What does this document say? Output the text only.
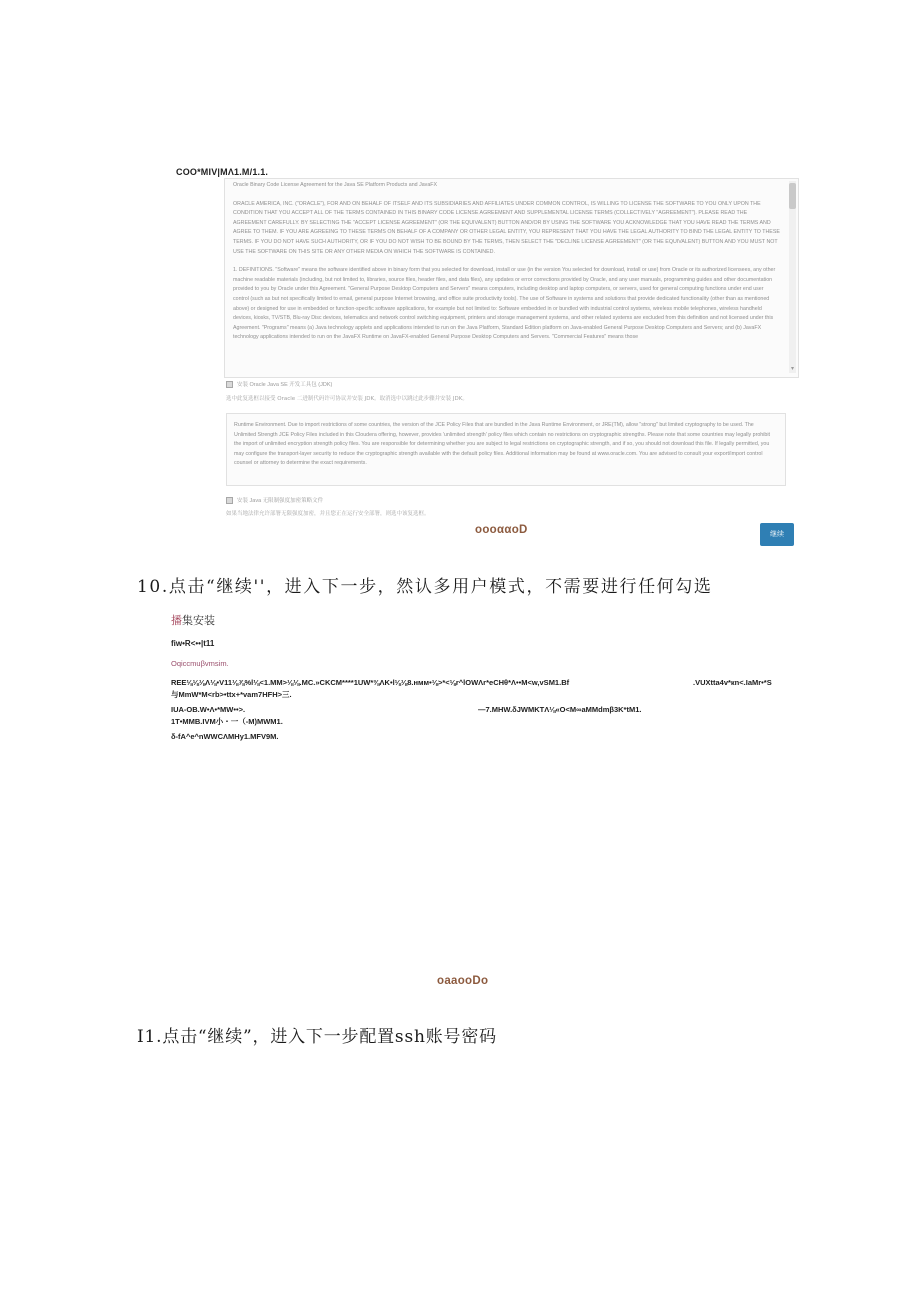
COO*MIV|MΛ1.M/1.1.

Oracle Binary Code License Agreement for the Java SE Platform Products and JavaFX

ORACLE AMERICA, INC. ("ORACLE"), FOR AND ON BEHALF OF ITSELF AND ITS SUBSIDIARIES AND AFFILIATES UNDER COMMON CONTROL, IS WILLING TO LICENSE THE SOFTWARE TO YOU ONLY UPON THE CONDITION THAT YOU ACCEPT ALL OF THE TERMS CONTAINED IN THIS BINARY CODE LICENSE AGREEMENT AND SUPPLEMENTAL LICENSE TERMS (COLLECTIVELY "AGREEMENT"). PLEASE READ THE AGREEMENT CAREFULLY. BY SELECTING THE "ACCEPT LICENSE AGREEMENT" (OR THE EQUIVALENT) BUTTON AND/OR BY USING THE SOFTWARE YOU ACKNOWLEDGE THAT YOU HAVE READ THE TERMS AND AGREE TO THEM. IF YOU ARE AGREEING TO THESE TERMS ON BEHALF OF A COMPANY OR OTHER LEGAL ENTITY, YOU REPRESENT THAT YOU HAVE THE LEGAL AUTHORITY TO BIND THE LEGAL ENTITY TO THESE TERMS. IF YOU DO NOT HAVE SUCH AUTHORITY, OR IF YOU DO NOT WISH TO BE BOUND BY THE TERMS, THEN SELECT THE "DECLINE LICENSE AGREEMENT" (OR THE EQUIVALENT) BUTTON AND YOU MUST NOT USE THE SOFTWARE ON THIS SITE OR ANY OTHER MEDIA ON WHICH THE SOFTWARE IS CONTAINED.

1. DEFINITIONS. "Software" means the software identified above in binary form that you selected for download, install or use (in the version You selected for download, install or use) from Oracle or its authorized licensees, any other machine readable materials (including, but not limited to, libraries, source files, header files, and data files), any updates or error corrections provided by Oracle, and any user manuals, programming guides and other documentation provided to you by Oracle under this Agreement. "General Purpose Desktop Computers and Servers" means computers, including desktop and laptop computers, or servers, used for general computing functions under end user control (such as but not specifically limited to email, general purpose Internet browsing, and office suite productivity tools). The use of Software in systems and solutions that provide dedicated functionality (other than as mentioned above) or designed for use in embedded or function-specific software applications, for example but not limited to: Software embedded in or bundled with industrial control systems, wireless mobile telephones, wireless handheld devices, kiosks, TV/STB, Blu-ray Disc devices, telematics and network control switching equipment, printers and storage management systems, and other related systems are excluded from this definition and not licensed under this Agreement. "Programs" means (a) Java technology applets and applications intended to run on the Java Platform, Standard Edition platform on Java-enabled General Purpose Desktop Computers and Servers; and (b) JavaFX technology applications intended to run on the JavaFX Runtime on JavaFX-enabled General Purpose Desktop Computers and Servers. "Commercial Features" means those

▾
安装 Oracle Java SE 开发工具包 (JDK)
选中此复选框以接受 Oracle 二进制代码许可协议并安装 JDK。取消选中以跳过此步骤并安装 JDK。

Runtime Environment. Due to import restrictions of some countries, the version of the JCE Policy Files that are bundled in the Java Runtime Environment, or JRE(TM), allow "strong" but limited cryptography to be used. The Unlimited Strength JCE Policy Files included in this Cloudera offering, however, provides 'unlimited strength' policy files which contain no restrictions on cryptographic strengths. Please note that some countries may legally prohibit the import of unlimited encryption strength policy files. You are responsible for determining whether you are subject to legal restrictions on cryptographic strength, and if so, you should not download this file. If legally permitted, you may configure the transport-layer security to reduce the cryptographic strength available with the default policy files. Additional information may be found at www.oracle.com. You are advised to consult your export/import control counsel or attorney to determine the exact requirements.

安装 Java 无限制强度加密策略文件
如果当地法律允许部署无限强度加密，并且您正在运行安全部署，则选中该复选框。
继续
oooααoD
10.点击“继续''，进入下一步，然认多用户模式，不需要进行任何勾选
播集安装
fiw•R<••|t11
Oqiccmuβvmsim.
REE⅛⅛⅛Λ⅛•V11⅛⅞%l⅛<1.MM>⅛⅛.MC.»CKCM****1UW*⅜ΛK•l⅛⅛8.ʜᴍᴍ•⅛>*<⅛r^lOWΛr*eCHθ*Λ••M<w,vSM1.Bf	.VUXtta4v*кn<.IaMr•*S
与MmW*M<rb>•ttx+*vam7HFH>三.
IUA-OB.W•Λ•*MW••>.	—7.MHW.δJWMKTΛ⅛«O<M∞aMMdmβ3K*tM1.
1T•MMB.IVM小・一（-M)MWM1.
δ-fA^e^nWWCΛMHy1.MFV9M.
oaaooDo
I1.点击“继续”，进入下一步配置ssh账号密码
